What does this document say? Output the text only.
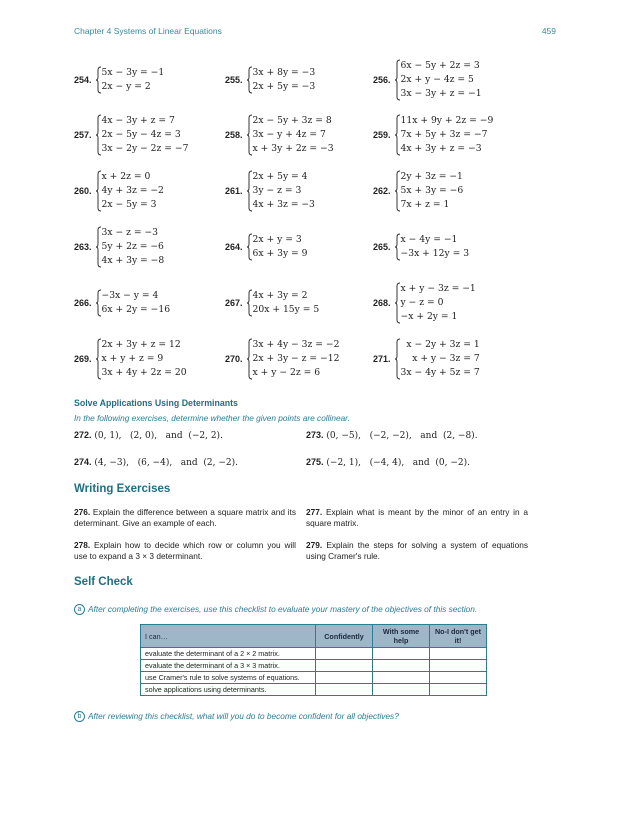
Chapter 4 Systems of Linear Equations	459
254.
5x − 3y = −1
2x − y = 2
255.
3x + 8y = −3
2x + 5y = −3
256.
6x − 5y + 2z = 3
2x + y − 4z = 5
3x − 3y + z = −1
257.
4x − 3y + z = 7
2x − 5y − 4z = 3
3x − 2y − 2z = −7
258.
2x − 5y + 3z = 8
3x − y + 4z = 7
x + 3y + 2z = −3
259.
11x + 9y + 2z = −9
7x + 5y + 3z = −7
4x + 3y + z = −3
260.
x + 2z = 0
4y + 3z = −2
2x − 5y = 3
261.
2x + 5y = 4
3y − z = 3
4x + 3z = −3
262.
2y + 3z = −1
5x + 3y = −6
7x + z = 1
263.
3x − z = −3
5y + 2z = −6
4x + 3y = −8
264.
2x + y = 3
6x + 3y = 9
265.
x − 4y = −1
−3x + 12y = 3
266.
−3x − y = 4
6x + 2y = −16
267.
4x + 3y = 2
20x + 15y = 5
268.
x + y − 3z = −1
y − z = 0
−x + 2y = 1
269.
2x + 3y + z = 12
x + y + z = 9
3x + 4y + 2z = 20
270.
3x + 4y − 3z = −2
2x + 3y − z = −12
x + y − 2z = 6
271.
x − 2y + 3z = 1
x + y − 3z = 7
3x − 4y + 5z = 7
Solve Applications Using Determinants
In the following exercises, determine whether the given points are collinear.
272. (0, 1),   (2, 0),   and  (−2, 2).	273. (0, −5),   (−2, −2),   and  (2, −8).
274. (4, −3),   (6, −4),   and  (2, −2).	275. (−2, 1),   (−4, 4),   and  (0, −2).
Writing Exercises
276. Explain the difference between a square matrix and its determinant. Give an example of each.
277. Explain what is meant by the minor of an entry in a square matrix.
278. Explain how to decide which row or column you will use to expand a 3 × 3 determinant.
279. Explain the steps for solving a system of equations using Cramer's rule.
Self Check
a After completing the exercises, use this checklist to evaluate your mastery of the objectives of this section.
I can…	Confidently	With some help	No-I don't get it!
evaluate the determinant of a 2 × 2 matrix.			
evaluate the determinant of a 3 × 3 matrix.			
use Cramer's rule to solve systems of equations.			
solve applications using determinants.			
b After reviewing this checklist, what will you do to become confident for all objectives?
